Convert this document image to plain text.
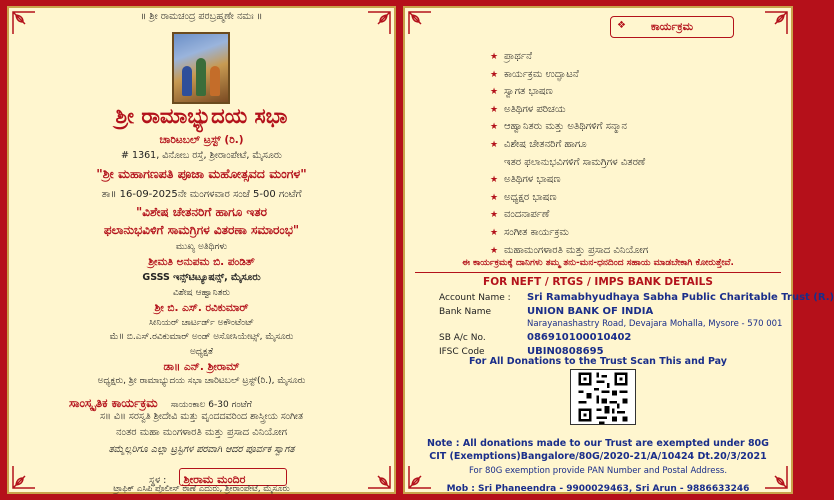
॥ ಶ್ರೀ ರಾಮಚಂದ್ರ ಪರಬ್ರಹ್ಮಣೇ ನಮಃ ॥
ಶ್ರೀ ರಾಮಾಭ್ಯುದಯ ಸಭಾ
ಚಾರಿಟಬಲ್ ಟ್ರಸ್ಟ್ (ರಿ.)
# 1361, ವಿನೋಬ ರಸ್ತೆ, ಶ್ರೀರಾಂಪೇಟೆ, ಮೈಸೂರು
"ಶ್ರೀ ಮಹಾಗಣಪತಿ ಪೂಜಾ ಮಹೋತ್ಸವದ ಮಂಗಳ"
ತಾ॥ 16-09-2025ನೇ ಮಂಗಳವಾರ ಸಂಜೆ 5-00 ಗಂಟೆಗೆ
"ವಿಶೇಷ ಚೇತನರಿಗೆ ಹಾಗೂ ಇತರ
ಫಲಾನುಭವಿಳಿಗೆ ಸಾಮಗ್ರಿಗಳ ವಿತರಣಾ ಸಮಾರಂಭ"
ಮುಖ್ಯ ಅತಿಥಿಗಳು
ಶ್ರೀಮತಿ ಅನುಪಮ ಬಿ. ಪಂಡಿತ್
GSSS ಇನ್ಸ್‌ಟಿಟ್ಯೂಷನ್ಸ್, ಮೈಸೂರು
ವಿಶೇಷ ಆಹ್ವಾನಿತರು
ಶ್ರೀ ಬಿ. ಎಸ್. ರವಿಕುಮಾರ್
ಸೀನಿಯರ್ ಚಾರ್ಟರ್ಡ್ ಅಕೌಂಟೆಂಟ್
ಮೆ॥ ಬಿ.ಎಸ್.ರವಿಕುಮಾರ್ ಅಂಡ್ ಅಸೋಸಿಯೇಟ್ಸ್, ಮೈಸೂರು
ಅಧ್ಯಕ್ಷತೆ
ಡಾ॥ ಎನ್. ಶ್ರೀರಾಮ್
ಅಧ್ಯಕ್ಷರು, ಶ್ರೀ ರಾಮಾಭ್ಯುದಯ ಸಭಾ ಚಾರಿಟಬಲ್ ಟ್ರಸ್ಟ್(ರಿ.), ಮೈಸೂರು
ಸಾಂಸ್ಕೃತಿಕ ಕಾರ್ಯಕ್ರಮ ಸಾಯಂಕಾಲ 6-30 ಗಂಟೆಗೆ
ಸ॥ ವಿ॥ ಸರಸ್ವತಿ ಶ್ರೀದೇವಿ ಮತ್ತು ವೃಂದದವರಿಂದ ಶಾಸ್ತ್ರೀಯ ಸಂಗೀತ
ನಂತರ ಮಹಾ ಮಂಗಳಾರತಿ ಮತ್ತು ಪ್ರಸಾದ ವಿನಿಯೋಗ
ತಮ್ಮೆಲ್ಲರಿಗೂ ಎಲ್ಲಾ ಟ್ರಸ್ಟಿಗಳ ಪರವಾಗಿ ಆದರ ಪೂರ್ವಕ ಸ್ವಾಗತ
ಸ್ಥಳ : ಶ್ರೀರಾಮ ಮಂದಿರ
ಟ್ರಾಫಿಕ್ ಎಸಿಪಿ ಪೊಲೀಸ್ ಠಾಣೆ ಎದುರು, ಶ್ರೀರಾಂಪೇಟೆ, ಮೈಸೂರು
❖	ಕಾರ್ಯಕ್ರಮ
★ ಪ್ರಾರ್ಥನೆ
★ ಕಾರ್ಯಕ್ರಮ ಉದ್ಘಾಟನೆ
★ ಸ್ವಾಗತ ಭಾಷಣ
★ ಅತಿಥಿಗಳ ಪರಿಚಯ
★ ಆಹ್ವಾನಿತರು ಮತ್ತು ಅತಿಥಿಗಳಿಗೆ ಸನ್ಮಾನ
★ ವಿಶೇಷ ಚೇತನರಿಗೆ ಹಾಗೂ
ಇತರ ಫಲಾನುಭವಿಗಳಿಗೆ ಸಾಮಗ್ರಿಗಳ ವಿತರಣೆ
★ ಅತಿಥಿಗಳ ಭಾಷಣ
★ ಅಧ್ಯಕ್ಷರ ಭಾಷಣ
★ ವಂದನಾರ್ಪಣೆ
★ ಸಂಗೀತ ಕಾರ್ಯಕ್ರಮ
★ ಮಹಾಮಂಗಳಾರತಿ ಮತ್ತು ಪ್ರಸಾದ ವಿನಿಯೋಗ
ಈ ಕಾರ್ಯಕ್ರಮಕ್ಕೆ ದಾನಿಗಳು ತಮ್ಮ ತನು-ಮನ-ಧನದಿಂದ ಸಹಾಯ ಮಾಡಬೇಕಾಗಿ ಕೋರುತ್ತೇವೆ.
FOR NEFT / RTGS / IMPS BANK DETAILS
Account Name : Sri Ramabhyudhaya Sabha Public Charitable Trust (R.)
Bank Name	UNION BANK OF INDIA
Narayanashastry Road, Devajara Mohalla, Mysore - 570 001
SB A/c No.	086910100010402
IFSC Code	UBIN0808695
For All Donations to the Trust Scan This and Pay
Note : All donations made to our Trust are exempted under 80G
CIT (Exemptions)Bangalore/80G/2020-21/A/10424 Dt.20/3/2021
For 80G exemption provide PAN Number and Postal Address.
Mob : Sri Phaneendra - 9900029463, Sri Arun - 9886633246
